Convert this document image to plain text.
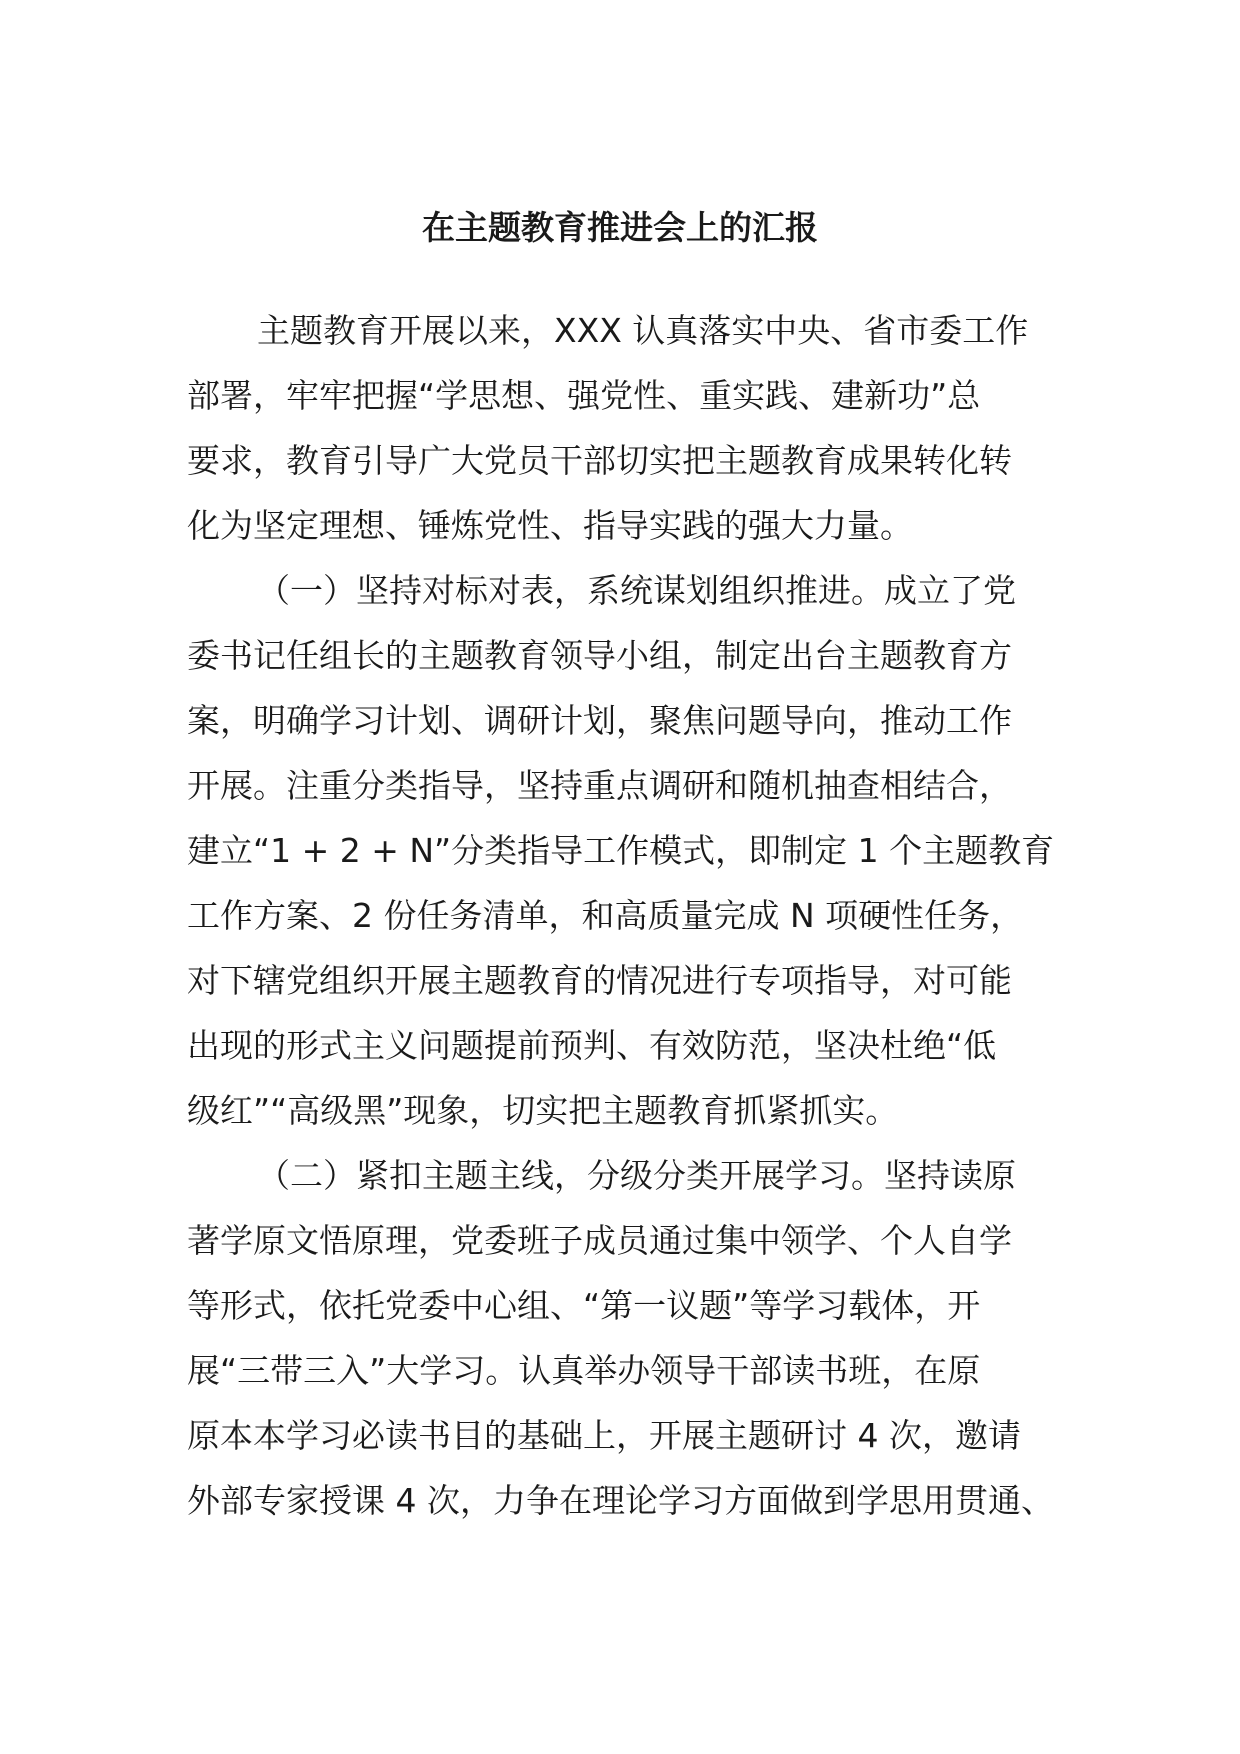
在主题教育推进会上的汇报
主题教育开展以来，XXX 认真落实中央、省市委工作
部署，牢牢把握“学思想、强党性、重实践、建新功”总
要求，教育引导广大党员干部切实把主题教育成果转化转
化为坚定理想、锤炼党性、指导实践的强大力量。
（一）坚持对标对表，系统谋划组织推进。成立了党
委书记任组长的主题教育领导小组，制定出台主题教育方
案，明确学习计划、调研计划，聚焦问题导向，推动工作
开展。注重分类指导，坚持重点调研和随机抽查相结合，
建立“1 + 2 + N”分类指导工作模式，即制定 1 个主题教育
工作方案、2 份任务清单，和高质量完成 N 项硬性任务，
对下辖党组织开展主题教育的情况进行专项指导，对可能
出现的形式主义问题提前预判、有效防范，坚决杜绝“低
级红”“高级黑”现象，切实把主题教育抓紧抓实。
（二）紧扣主题主线，分级分类开展学习。坚持读原
著学原文悟原理，党委班子成员通过集中领学、个人自学
等形式，依托党委中心组、“第一议题”等学习载体，开
展“三带三入”大学习。认真举办领导干部读书班，在原
原本本学习必读书目的基础上，开展主题研讨 4 次，邀请
外部专家授课 4 次，力争在理论学习方面做到学思用贯通、
